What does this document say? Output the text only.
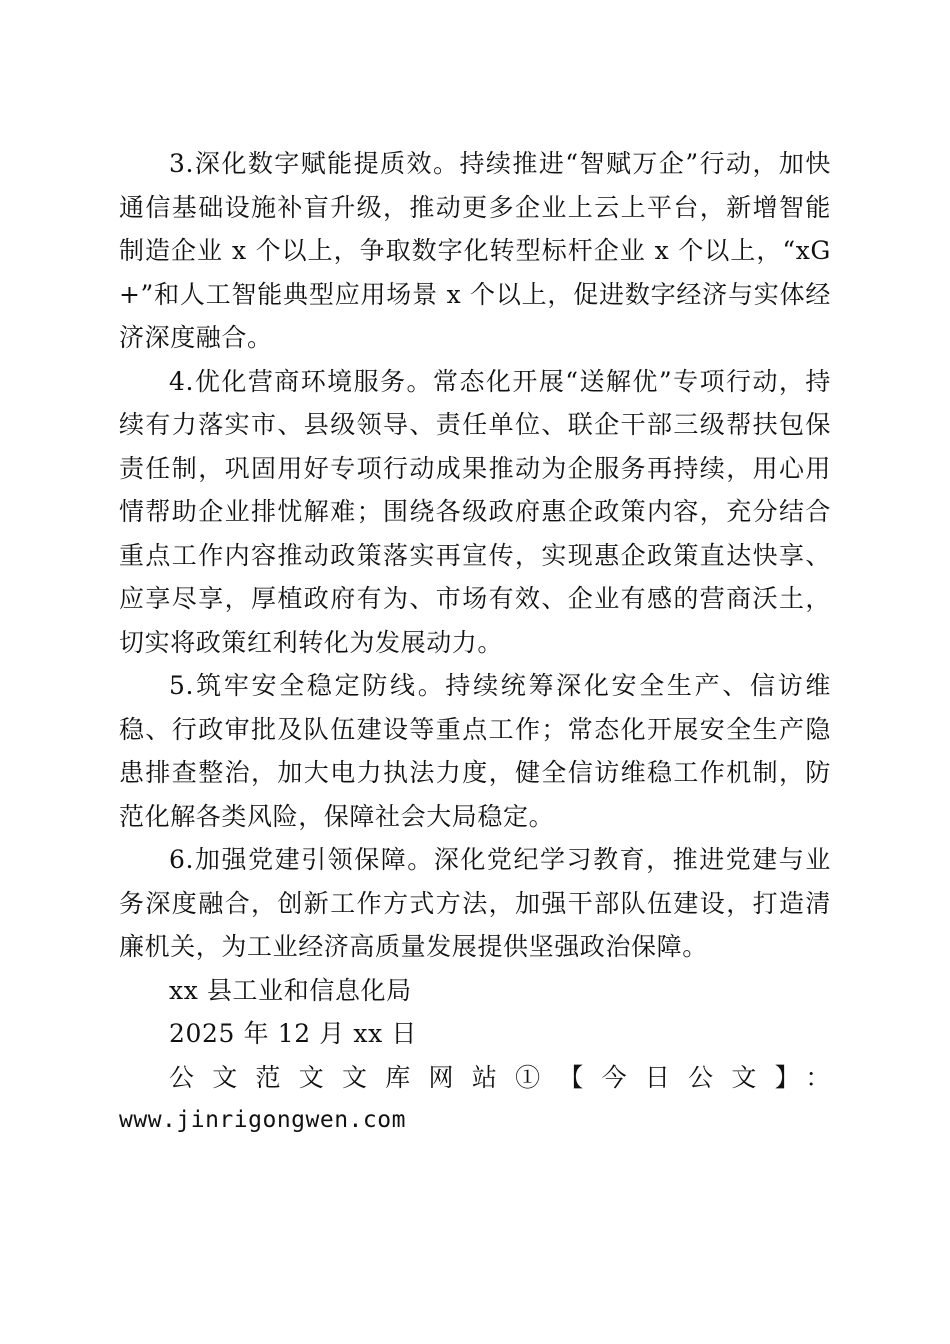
3.深化数字赋能提质效。持续推进“智赋万企”行动，加快通信基础设施补盲升级，推动更多企业上云上平台，新增智能制造企业 x 个以上，争取数字化转型标杆企业 x 个以上，“xG+”和人工智能典型应用场景 x 个以上，促进数字经济与实体经济深度融合。

4.优化营商环境服务。常态化开展“送解优”专项行动，持续有力落实市、县级领导、责任单位、联企干部三级帮扶包保责任制，巩固用好专项行动成果推动为企服务再持续，用心用情帮助企业排忧解难；围绕各级政府惠企政策内容，充分结合重点工作内容推动政策落实再宣传，实现惠企政策直达快享、应享尽享，厚植政府有为、市场有效、企业有感的营商沃土，切实将政策红利转化为发展动力。

5.筑牢安全稳定防线。持续统筹深化安全生产、信访维稳、行政审批及队伍建设等重点工作；常态化开展安全生产隐患排查整治，加大电力执法力度，健全信访维稳工作机制，防范化解各类风险，保障社会大局稳定。

6.加强党建引领保障。深化党纪学习教育，推进党建与业务深度融合，创新工作方式方法，加强干部队伍建设，打造清廉机关，为工业经济高质量发展提供坚强政治保障。

xx 县工业和信息化局

2025 年 12 月 xx 日

公文范文文库网站①【今日公文】：

www.jinrigongwen.com
